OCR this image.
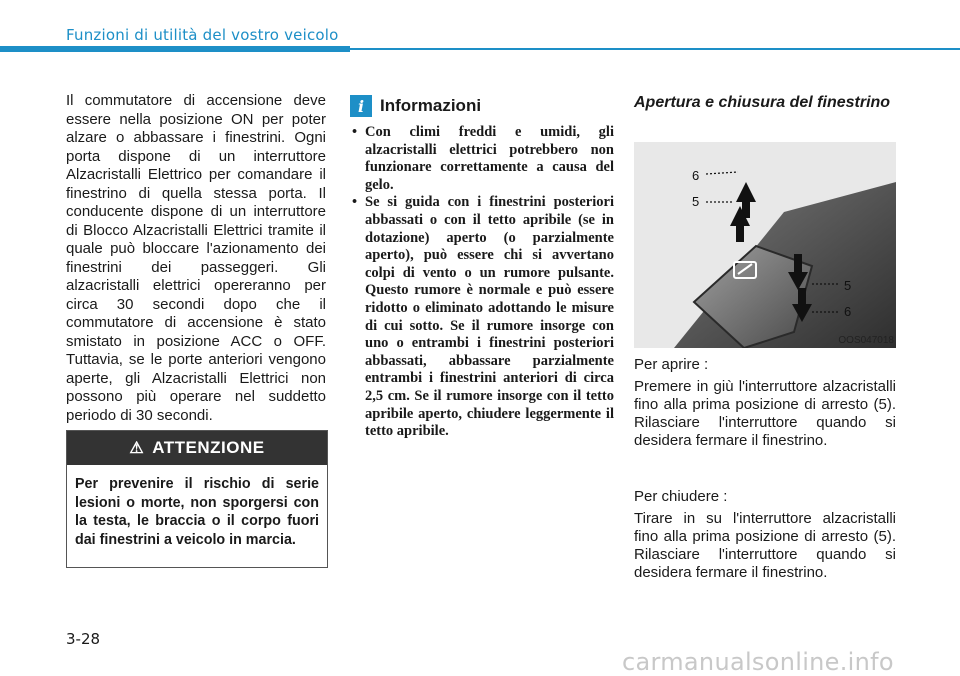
Funzioni di utilità del vostro veicolo
Il commutatore di accensione deve essere nella posizione ON per poter alzare o abbassare i finestrini. Ogni porta dispone di un interruttore Alzacristalli Elettrico per comandare il finestrino di quella stessa porta. Il conducente dispone di un interruttore di Blocco Alzacristalli Elettrici tramite il quale può bloccare l'azionamento dei finestrini dei passeggeri. Gli alzacristalli elettrici opereranno per circa 30 secondi dopo che il commutatore di accensione è stato smistato in posizione ACC o OFF. Tuttavia, se le porte anteriori vengono aperte, gli Alzacristalli Elettrici non possono più operare nel suddetto periodo di 30 secondi.
⚠ ATTENZIONE
Per prevenire il rischio di serie lesioni o morte, non sporgersi con la testa, le braccia o il corpo fuori dai finestrini a veicolo in marcia.
i Informazioni
• Con climi freddi e umidi, gli alzacristalli elettrici potrebbero non funzionare correttamente a causa del gelo.
• Se si guida con i finestrini posteriori abbassati o con il tetto apribile (se in dotazione) aperto (o parzialmente aperto), può essere chi si avvertano colpi di vento o un rumore pulsante. Questo rumore è normale e può essere ridotto o eliminato adottando le misure di cui sotto. Se il rumore insorge con uno o entrambi i finestrini posteriori abbassati, abbassare parzialmente entrambi i finestrini anteriori di circa 2,5 cm. Se il rumore insorge con il tetto apribile aperto, chiudere leggermente il tetto apribile.
Apertura e chiusura del finestrino
6
5
5
6
OOS047018
Per aprire :
Premere in giù l'interruttore alzacristalli fino alla prima posizione di arresto (5). Rilasciare l'interruttore quando si desidera fermare il finestrino.
Per chiudere :
Tirare in su l'interruttore alzacristalli fino alla prima posizione di arresto (5). Rilasciare l'interruttore quando si desidera fermare il finestrino.
3-28
carmanualsonline.info
